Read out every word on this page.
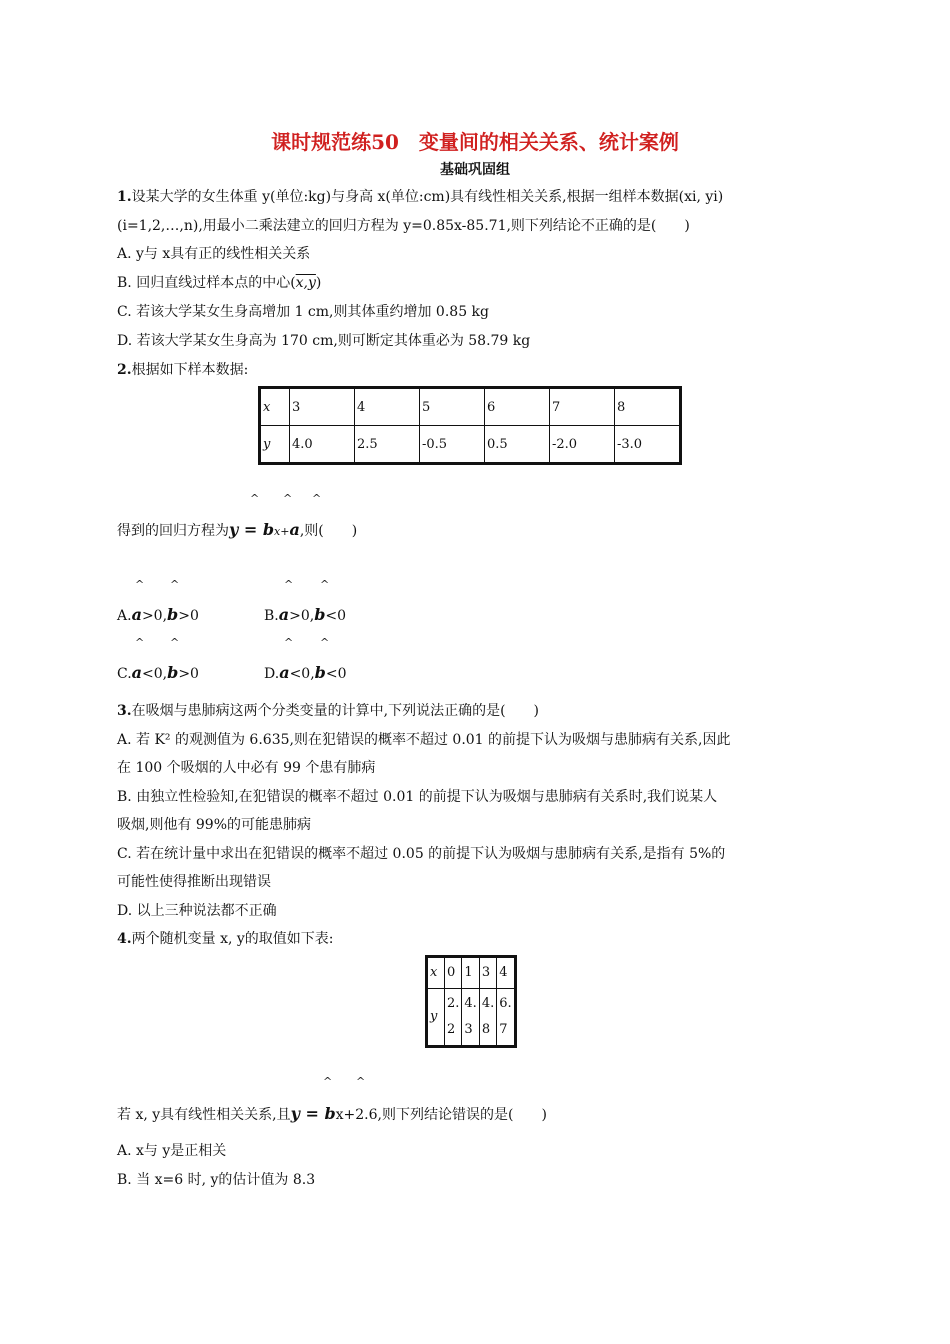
课时规范练50　变量间的相关关系、统计案例
基础巩固组
1.设某大学的女生体重 y(单位:kg)与身高 x(单位:cm)具有线性相关关系,根据一组样本数据(xi, yi)
(i=1,2,…,n),用最小二乘法建立的回归方程为 y=0.85x-85.71,则下列结论不正确的是(　　)
A. y与 x具有正的线性相关关系
B. 回归直线过样本点的中心(x,y)
C. 若该大学某女生身高增加 1 cm,则其体重约增加 0.85 kg
D. 若该大学某女生身高为 170 cm,则可断定其体重必为 58.79 kg
2.根据如下样本数据:
x	3	4	5	6	7	8
y	4.0	2.5	-0.5	0.5	-2.0	-3.0
^ ^ ^
得到的回归方程为y = bx+a,则(　　)
^ ^	^ ^
A.a>0,b>0	B.a>0,b<0
^ ^	^ ^
C.a<0,b>0	D.a<0,b<0
3.在吸烟与患肺病这两个分类变量的计算中,下列说法正确的是(　　)
A. 若 K² 的观测值为 6.635,则在犯错误的概率不超过 0.01 的前提下认为吸烟与患肺病有关系,因此
在 100 个吸烟的人中必有 99 个患有肺病
B. 由独立性检验知,在犯错误的概率不超过 0.01 的前提下认为吸烟与患肺病有关系时,我们说某人
吸烟,则他有 99%的可能患肺病
C. 若在统计量中求出在犯错误的概率不超过 0.05 的前提下认为吸烟与患肺病有关系,是指有 5%的
可能性使得推断出现错误
D. 以上三种说法都不正确
4.两个随机变量 x, y的取值如下表:
x	0	1	3	4
y	2.2	4.3	4.8	6.7
^ ^
若 x, y具有线性相关关系,且y = bx+2.6,则下列结论错误的是(　　)
A. x与 y是正相关
B. 当 x=6 时, y的估计值为 8.3
